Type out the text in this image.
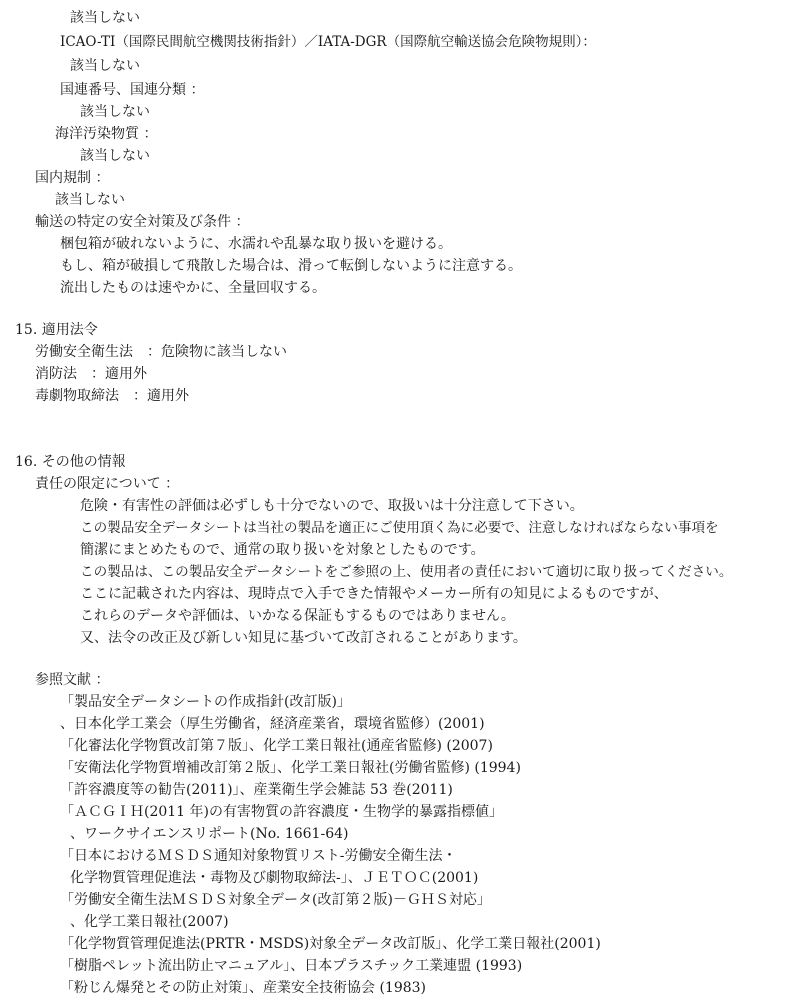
該当しない
ICAO-TI（国際民間航空機関技術指針）／IATA-DGR（国際航空輸送協会危険物規則）：
該当しない
国連番号、国連分類 ：
該当しない
海洋汚染物質 ：
該当しない
国内規制 ：
該当しない
輸送の特定の安全対策及び条件 ：
梱包箱が破れないように、水濡れや乱暴な取り扱いを避ける。
もし、箱が破損して飛散した場合は、滑って転倒しないように注意する。
流出したものは速やかに、全量回収する。
15. 適用法令
労働安全衛生法　：危険物に該当しない
消防法　：適用外
毒劇物取締法　：適用外
16. その他の情報
責任の限定について ：
危険・有害性の評価は必ずしも十分でないので、取扱いは十分注意して下さい。
この製品安全データシートは当社の製品を適正にご使用頂く為に必要で、注意しなければならない事項を
簡潔にまとめたもので、通常の取り扱いを対象としたものです。
この製品は、この製品安全データシートをご参照の上、使用者の責任において適切に取り扱ってください。
ここに記載された内容は、現時点で入手できた情報やメーカー所有の知見によるものですが、
これらのデータや評価は、いかなる保証もするものではありません。
又、法令の改正及び新しい知見に基づいて改訂されることがあります。
参照文献 ：
「製品安全データシートの作成指針(改訂版)」
、日本化学工業会（厚生労働省，経済産業省，環境省監修）(2001)
「化審法化学物質改訂第７版」、化学工業日報社(通産省監修) (2007)
「安衛法化学物質増補改訂第２版」、化学工業日報社(労働省監修) (1994)
「許容濃度等の勧告(2011)」、産業衛生学会雑誌 53 巻(2011)
「ＡＣＧＩＨ(2011 年)の有害物質の許容濃度・生物学的暴露指標値」
、ワークサイエンスリポート(No. 1661-64)
「日本におけるＭＳＤＳ通知対象物質リスト‐労働安全衛生法・
化学物質管理促進法・毒物及び劇物取締法‐」、ＪＥＴＯＣ(2001)
「労働安全衛生法ＭＳＤＳ対象全データ(改訂第２版)－ＧＨＳ対応」
、化学工業日報社(2007)
「化学物質管理促進法(PRTR・MSDS)対象全データ改訂版」、化学工業日報社(2001)
「樹脂ペレット流出防止マニュアル」、日本プラスチック工業連盟 (1993)
「粉じん爆発とその防止対策」、産業安全技術協会 (1983)
